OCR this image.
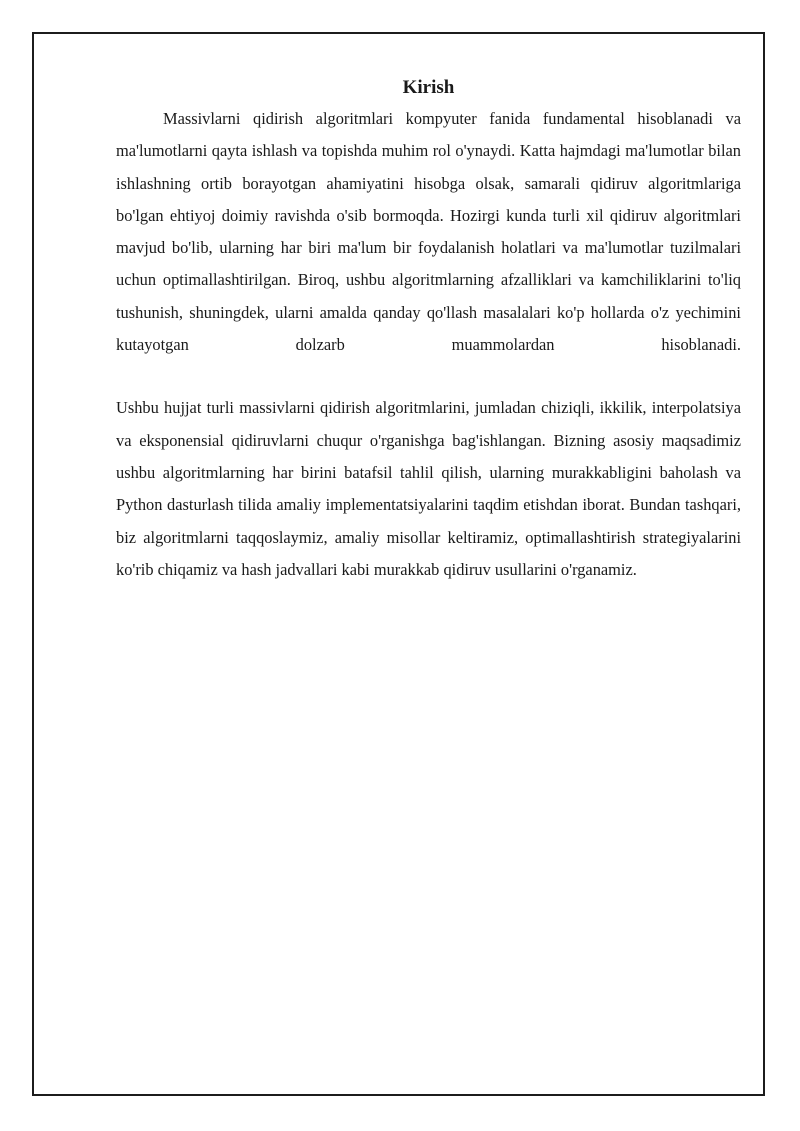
Kirish

Massivlarni qidirish algoritmlari kompyuter fanida fundamental hisoblanadi va ma'lumotlarni qayta ishlash va topishda muhim rol o'ynaydi. Katta hajmdagi ma'lumotlar bilan ishlashning ortib borayotgan ahamiyatini hisobga olsak, samarali qidiruv algoritmlariga bo'lgan ehtiyoj doimiy ravishda o'sib bormoqda. Hozirgi kunda turli xil qidiruv algoritmlari mavjud bo'lib, ularning har biri ma'lum bir foydalanish holatlari va ma'lumotlar tuzilmalari uchun optimallashtirilgan. Biroq, ushbu algoritmlarning afzalliklari va kamchiliklarini to'liq tushunish, shuningdek, ularni amalda qanday qo'llash masalalari ko'p hollarda o'z yechimini kutayotgan dolzarb muammolardan hisoblanadi.

Ushbu hujjat turli massivlarni qidirish algoritmlarini, jumladan chiziqli, ikkilik, interpolatsiya va eksponensial qidiruvlarni chuqur o'rganishga bag'ishlangan. Bizning asosiy maqsadimiz ushbu algoritmlarning har birini batafsil tahlil qilish, ularning murakkabligini baholash va Python dasturlash tilida amaliy implementatsiyalarini taqdim etishdan iborat. Bundan tashqari, biz algoritmlarni taqqoslaymiz, amaliy misollar keltiramiz, optimallashtirish strategiyalarini ko'rib chiqamiz va hash jadvallari kabi murakkab qidiruv usullarini o'rganamiz.
